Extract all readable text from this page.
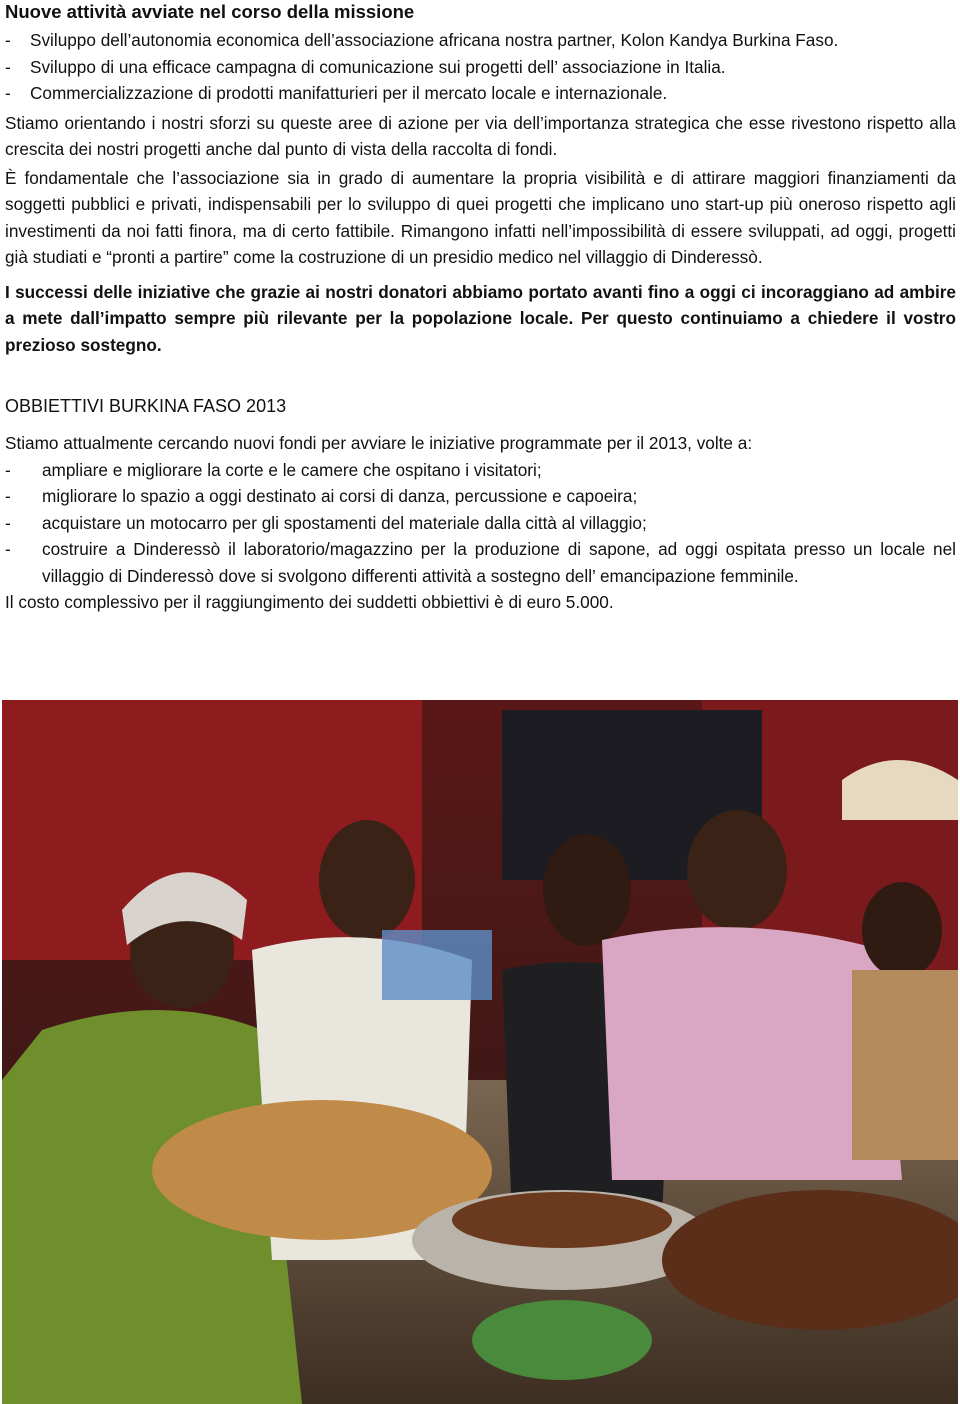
Nuove attività avviate nel corso della missione
- Sviluppo dell’autonomia economica dell’associazione africana nostra partner, Kolon Kandya Burkina Faso.
- Sviluppo di una efficace campagna di comunicazione sui progetti dell’ associazione in Italia.
- Commercializzazione di prodotti manifatturieri per il mercato locale e internazionale.

Stiamo orientando i nostri sforzi su queste aree di azione per via dell’importanza strategica che esse rivestono rispetto alla crescita dei nostri progetti anche dal punto di vista della raccolta di fondi.

È fondamentale che l’associazione sia in grado di aumentare la propria visibilità e di attirare maggiori finanziamenti da soggetti pubblici e privati, indispensabili per lo sviluppo di quei progetti che implicano uno start-up più oneroso rispetto agli investimenti da noi fatti finora, ma di certo fattibile. Rimangono infatti nell’impossibilità di essere sviluppati, ad oggi, progetti già studiati e “pronti a partire” come la costruzione di un presidio medico nel villaggio di Dinderessò.

I successi delle iniziative che grazie ai nostri donatori abbiamo portato avanti fino a oggi ci incoraggiano ad ambire a mete dall’impatto sempre più rilevante per la popolazione locale. Per questo continuiamo a chiedere il vostro prezioso sostegno.

OBBIETTIVI BURKINA FASO 2013

Stiamo attualmente cercando nuovi fondi per avviare le iniziative programmate per il 2013, volte a:

- ampliare e migliorare la corte e le camere che ospitano i visitatori;
- migliorare lo spazio a oggi destinato ai corsi di danza, percussione e capoeira;
- acquistare un motocarro per gli spostamenti del materiale dalla città al villaggio;
- costruire a Dinderessò il laboratorio/magazzino per la produzione di sapone, ad oggi ospitata presso un locale nel villaggio di Dinderessò dove si svolgono differenti attività a sostegno dell’ emancipazione femminile.

Il costo complessivo per il raggiungimento dei suddetti obbiettivi è di euro 5.000.
